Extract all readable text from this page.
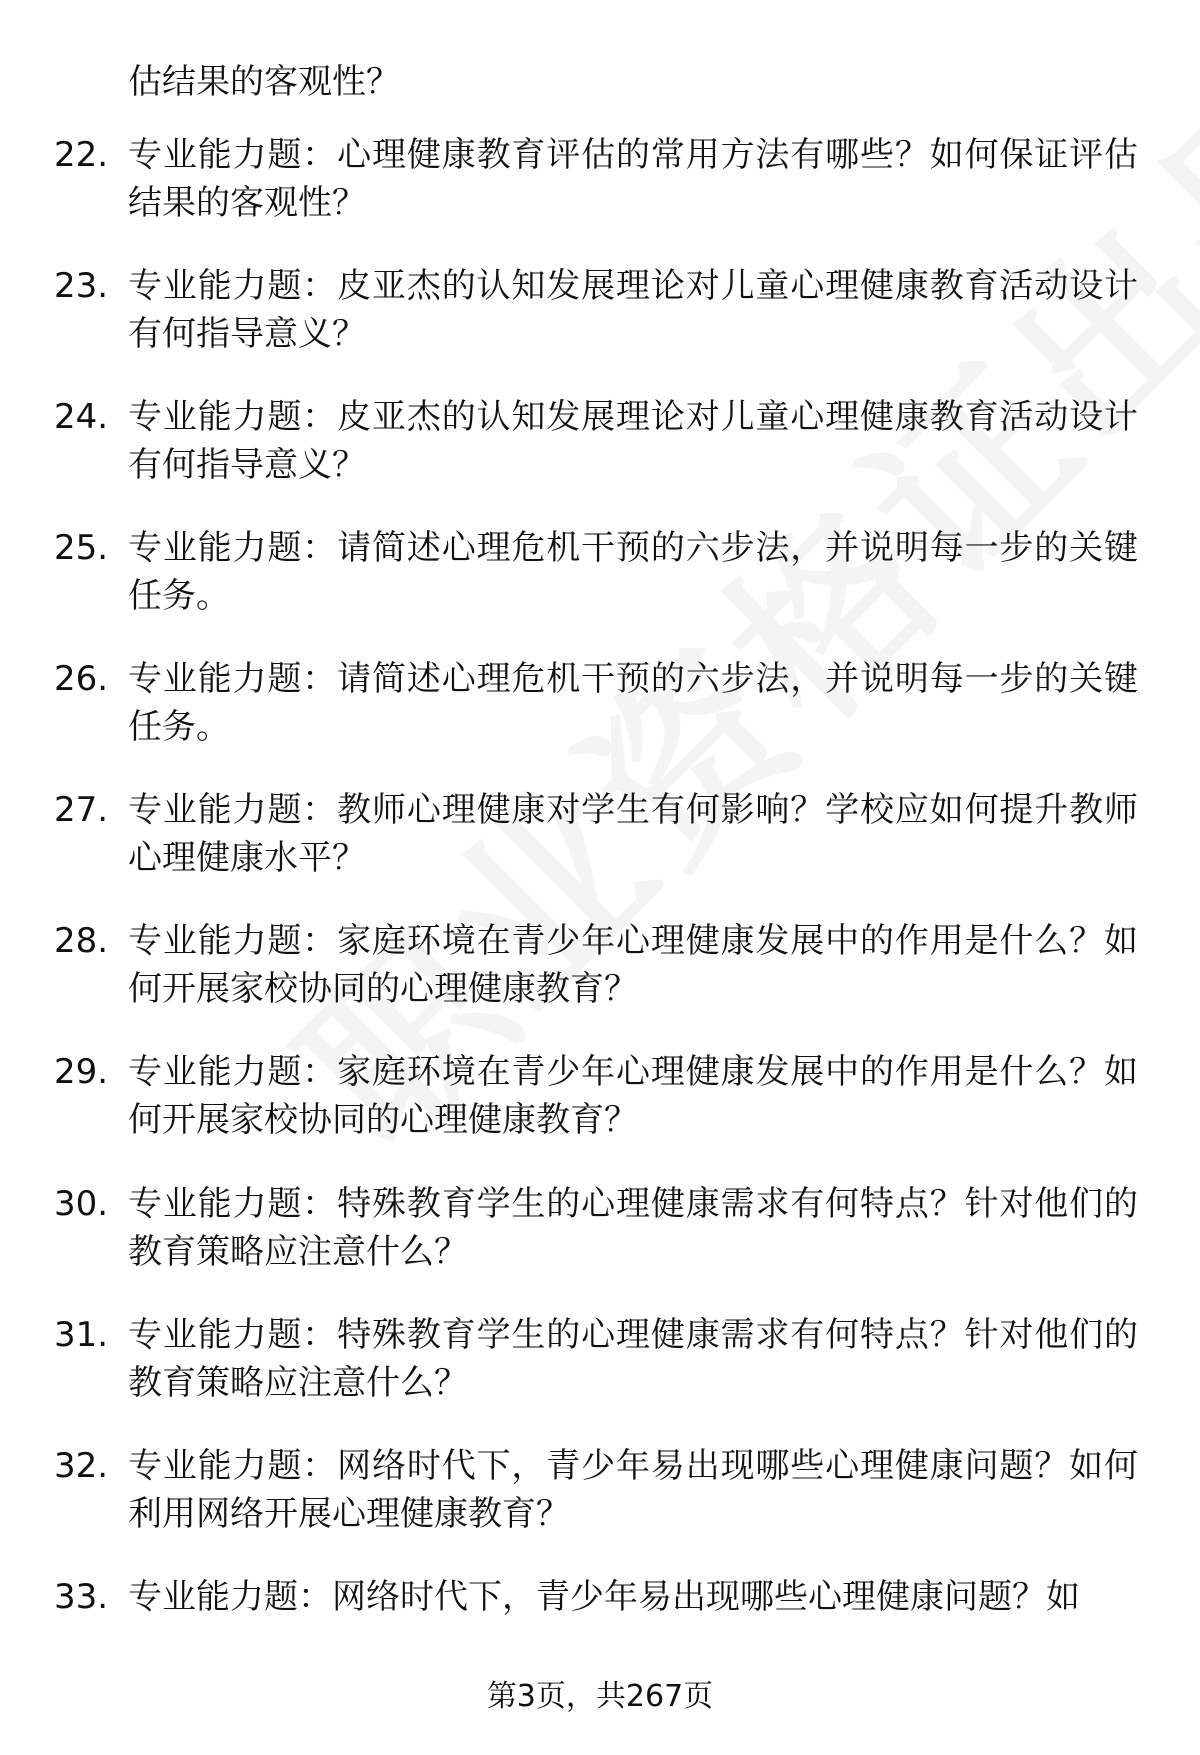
估结果的客观性？
22. 专业能力题：心理健康教育评估的常用方法有哪些？如何保证评估结果的客观性？
23. 专业能力题：皮亚杰的认知发展理论对儿童心理健康教育活动设计有何指导意义？
24. 专业能力题：皮亚杰的认知发展理论对儿童心理健康教育活动设计有何指导意义？
25. 专业能力题：请简述心理危机干预的六步法，并说明每一步的关键任务。
26. 专业能力题：请简述心理危机干预的六步法，并说明每一步的关键任务。
27. 专业能力题：教师心理健康对学生有何影响？学校应如何提升教师心理健康水平？
28. 专业能力题：家庭环境在青少年心理健康发展中的作用是什么？如何开展家校协同的心理健康教育？
29. 专业能力题：家庭环境在青少年心理健康发展中的作用是什么？如何开展家校协同的心理健康教育？
30. 专业能力题：特殊教育学生的心理健康需求有何特点？针对他们的教育策略应注意什么？
31. 专业能力题：特殊教育学生的心理健康需求有何特点？针对他们的教育策略应注意什么？
32. 专业能力题：网络时代下，青少年易出现哪些心理健康问题？如何利用网络开展心理健康教育？
33. 专业能力题：网络时代下，青少年易出现哪些心理健康问题？如
第3页，共267页
